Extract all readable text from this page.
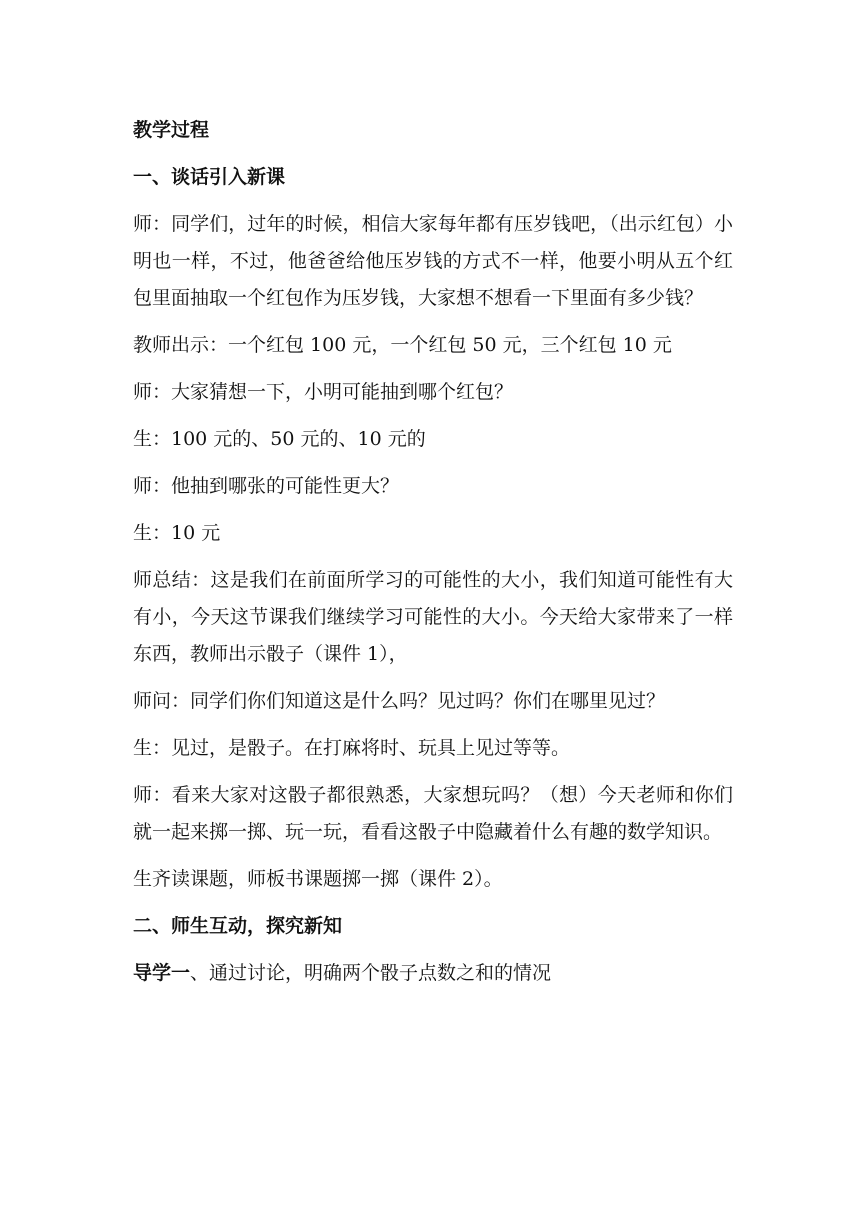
教学过程

一、谈话引入新课

师：同学们，过年的时候，相信大家每年都有压岁钱吧，（出示红包）小明也一样，不过，他爸爸给他压岁钱的方式不一样，他要小明从五个红包里面抽取一个红包作为压岁钱，大家想不想看一下里面有多少钱？

教师出示：一个红包 100 元，一个红包 50 元，三个红包 10 元

师：大家猜想一下，小明可能抽到哪个红包？

生：100 元的、50 元的、10 元的

师：他抽到哪张的可能性更大？

生：10 元

师总结：这是我们在前面所学习的可能性的大小，我们知道可能性有大有小，今天这节课我们继续学习可能性的大小。今天给大家带来了一样东西，教师出示骰子（课件 1），

师问：同学们你们知道这是什么吗？见过吗？你们在哪里见过？

生：见过，是骰子。在打麻将时、玩具上见过等等。

师：看来大家对这骰子都很熟悉，大家想玩吗？（想）今天老师和你们就一起来掷一掷、玩一玩，看看这骰子中隐藏着什么有趣的数学知识。

生齐读课题，师板书课题掷一掷（课件 2）。

二、师生互动，探究新知

导学一、通过讨论，明确两个骰子点数之和的情况
